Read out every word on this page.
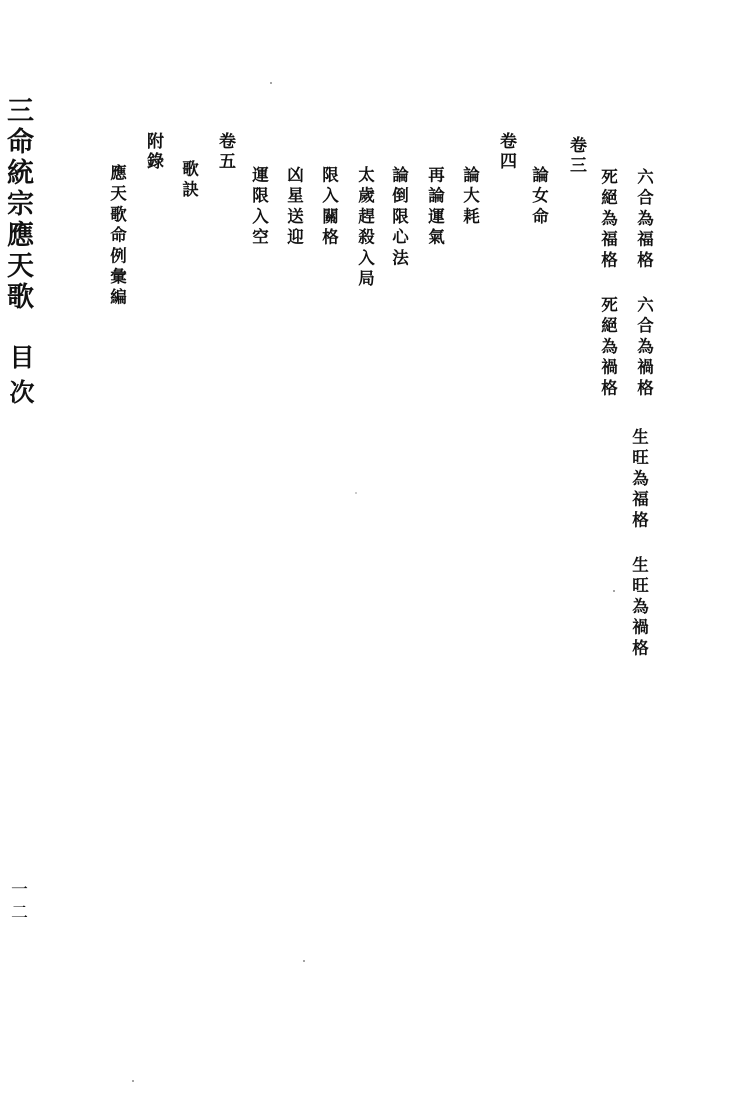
卷三
六合為福格
六合為禍格
生旺為福格
生旺為禍格
死絕為福格
死絕為禍格
論女命
卷四
論大耗
再論運氣
論倒限心法
太歲趕殺入局
限入關格
凶星送迎
運限入空
卷五
歌訣
附錄
應天歌命例彙編
三命統宗應天歌
目次
一二
